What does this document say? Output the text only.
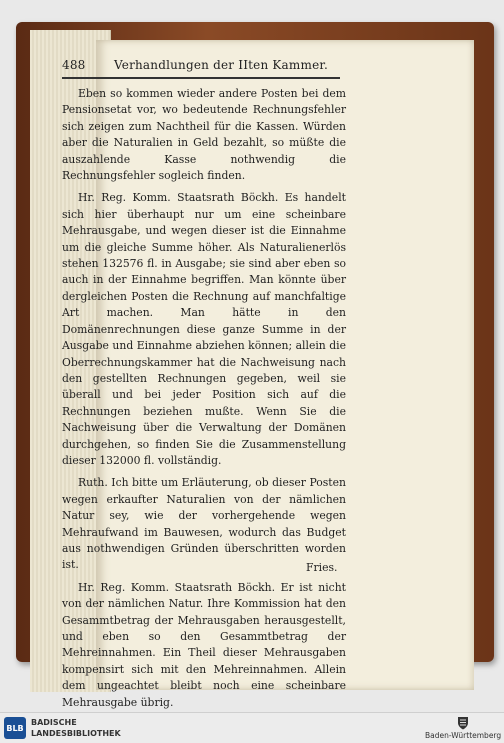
488 Verhandlungen der IIten Kammer.

Eben so kommen wieder andere Posten bei dem Pensionsetat vor, wo bedeutende Rechnungsfehler sich zeigen zum Nachtheil für die Kassen. Würden aber die Naturalien in Geld bezahlt, so müßte die auszahlende Kasse nothwendig die Rechnungsfehler sogleich finden.

Hr. Reg. Komm. Staatsrath Böckh. Es handelt sich hier überhaupt nur um eine scheinbare Mehrausgabe, und wegen dieser ist die Einnahme um die gleiche Summe höher. Als Naturalienerlös stehen 132576 fl. in Ausgabe; sie sind aber eben so auch in der Einnahme begriffen. Man könnte über dergleichen Posten die Rechnung auf manchfaltige Art machen. Man hätte in den Domänenrechnungen diese ganze Summe in der Ausgabe und Einnahme abziehen können; allein die Oberrechnungskammer hat die Nachweisung nach den gestellten Rechnungen gegeben, weil sie überall und bei jeder Position sich auf die Rechnungen beziehen mußte. Wenn Sie die Nachweisung über die Verwaltung der Domänen durchgehen, so finden Sie die Zusammenstellung dieser 132000 fl. vollständig.

Ruth. Ich bitte um Erläuterung, ob dieser Posten wegen erkaufter Naturalien von der nämlichen Natur sey, wie der vorhergehende wegen Mehraufwand im Bauwesen, wodurch das Budget aus nothwendigen Gründen überschritten worden ist.

Hr. Reg. Komm. Staatsrath Böckh. Er ist nicht von der nämlichen Natur. Ihre Kommission hat den Gesammtbetrag der Mehrausgaben herausgestellt, und eben so den Gesammtbetrag der Mehreinnahmen. Ein Theil dieser Mehrausgaben kompensirt sich mit den Mehreinnahmen. Allein dem ungeachtet bleibt noch eine scheinbare Mehrausgabe übrig.

Fries.
BLB
BADISCHE
LANDESBIBLIOTHEK	Baden-Württemberg
